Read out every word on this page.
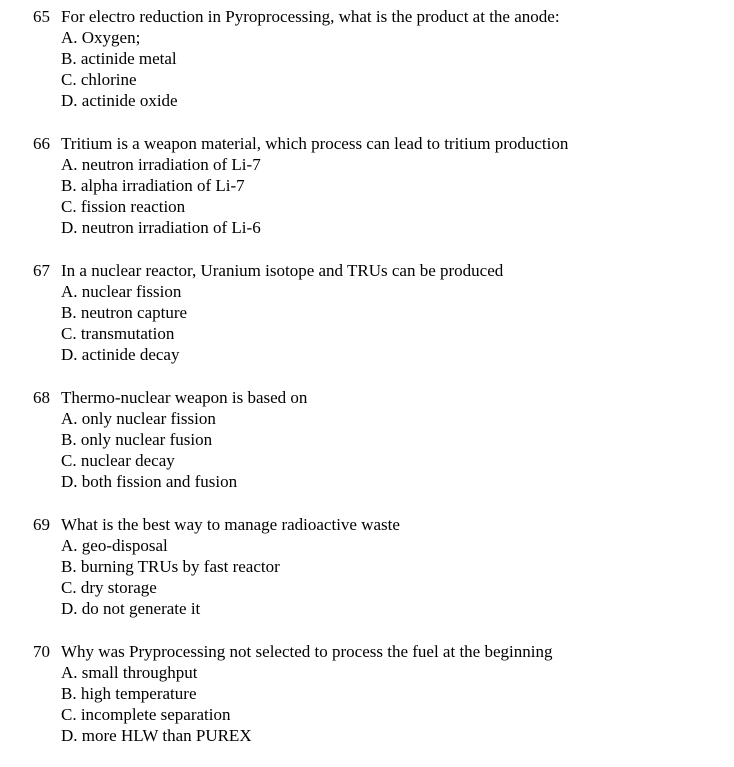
65 For electro reduction in Pyroprocessing, what is the product at the anode:
A. Oxygen;
B. actinide metal
C. chlorine
D. actinide oxide
66 Tritium is a weapon material, which process can lead to tritium production
A. neutron irradiation of Li-7
B. alpha irradiation of Li-7
C. fission reaction
D. neutron irradiation of Li-6
67 In a nuclear reactor, Uranium isotope and TRUs can be produced
A. nuclear fission
B. neutron capture
C. transmutation
D. actinide decay
68 Thermo-nuclear weapon is based on
A. only nuclear fission
B. only nuclear fusion
C. nuclear decay
D. both fission and fusion
69 What is the best way to manage radioactive waste
A. geo-disposal
B. burning TRUs by fast reactor
C. dry storage
D. do not generate it
70 Why was Pryprocessing not selected to process the fuel at the beginning
A. small throughput
B. high temperature
C. incomplete separation
D. more HLW than PUREX
